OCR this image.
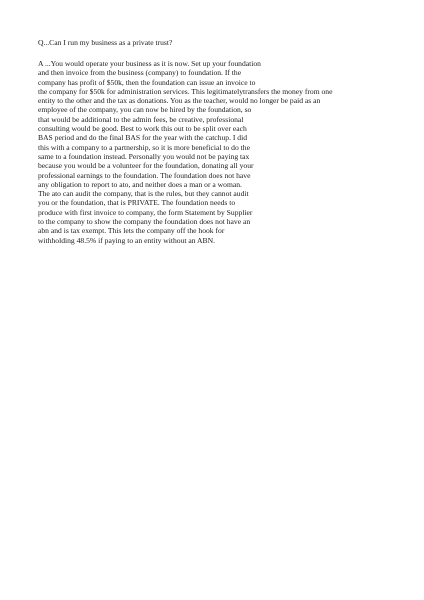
Q...Can I run my business as a private trust?
A ...You would operate your business as it is now. Set up your foundation
and then invoice from the business (company) to foundation. If the
company has profit of $50k, then the foundation can issue an invoice to
the company for $50k for administration services. This legitimatelytransfers the money from one
entity to the other and the tax as donations. You as the teacher, would no longer be paid as an
employee of the company, you can now be hired by the foundation, so
that would be additional to the admin fees, be creative, professional
consulting would be good. Best to work this out to be split over each
BAS period and do the final BAS for the year with the catchup. I did
this with a company to a partnership, so it is more beneficial to do the
same to a foundation instead. Personally you would not be paying tax
because you would be a volunteer for the foundation, donating all your
professional earnings to the foundation. The foundation does not have
any obligation to report to ato, and neither does a man or a woman.
The ato can audit the company, that is the rules, but they cannot audit
you or the foundation, that is PRIVATE. The foundation needs to
produce with first invoice to company, the form Statement by Supplier
to the company to show the company the foundation does not have an
abn and is tax exempt. This lets the company off the hook for
withholding 48.5% if paying to an entity without an ABN.
